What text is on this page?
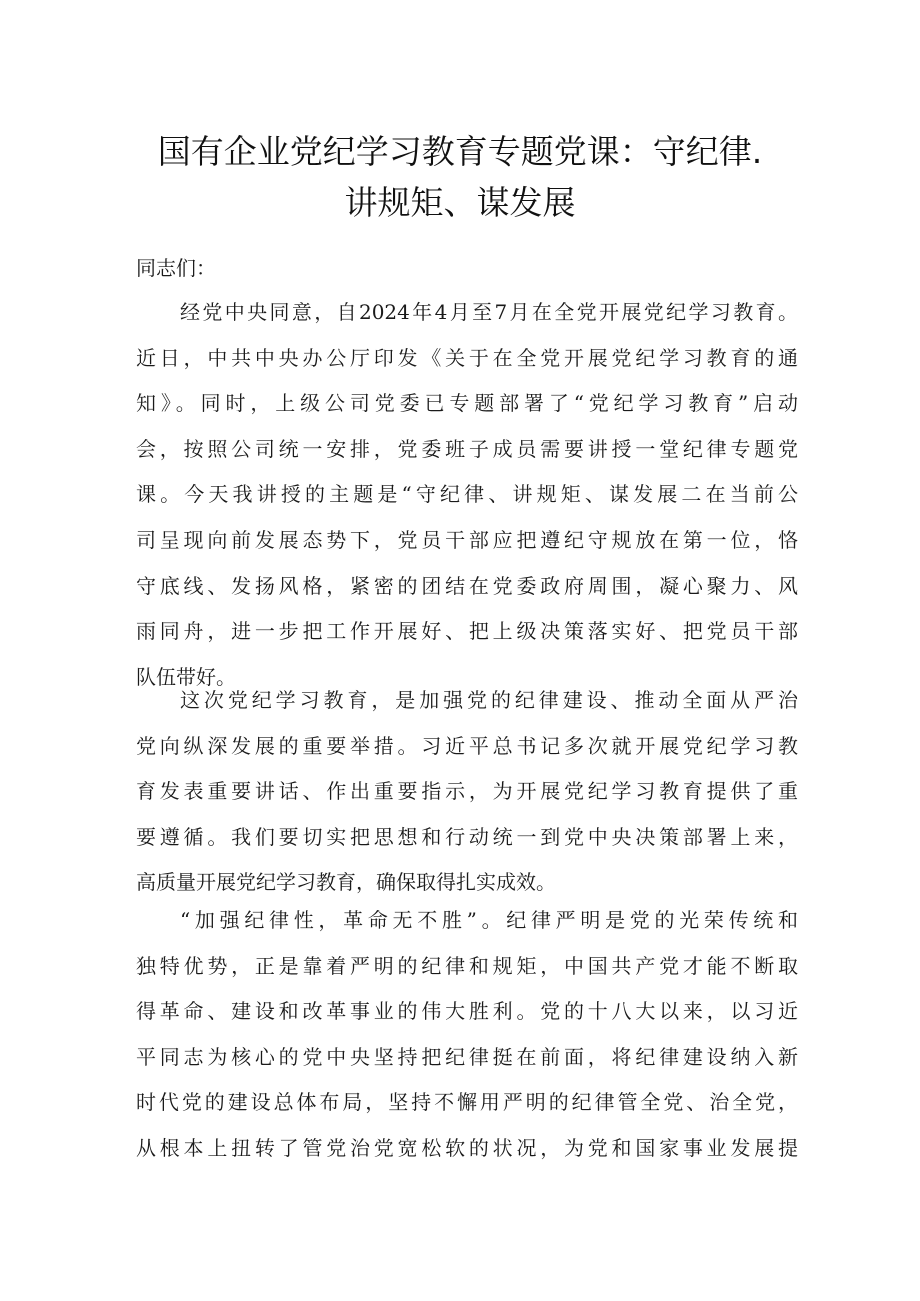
国有企业党纪学习教育专题党课：守纪律.
讲规矩、谋发展
同志们：
经党中央同意，自2024年4月至7月在全党开展党纪学习教育。
近日，中共中央办公厅印发《关于在全党开展党纪学习教育的通
知》。同时，上级公司党委已专题部署了“党纪学习教育”启动
会，按照公司统一安排，党委班子成员需要讲授一堂纪律专题党
课。今天我讲授的主题是“守纪律、讲规矩、谋发展二在当前公
司呈现向前发展态势下，党员干部应把遵纪守规放在第一位，恪
守底线、发扬风格，紧密的团结在党委政府周围，凝心聚力、风
雨同舟，进一步把工作开展好、把上级决策落实好、把党员干部
队伍带好。
这次党纪学习教育，是加强党的纪律建设、推动全面从严治
党向纵深发展的重要举措。习近平总书记多次就开展党纪学习教
育发表重要讲话、作出重要指示，为开展党纪学习教育提供了重
要遵循。我们要切实把思想和行动统一到党中央决策部署上来，
高质量开展党纪学习教育，确保取得扎实成效。
“加强纪律性，革命无不胜”。纪律严明是党的光荣传统和
独特优势，正是靠着严明的纪律和规矩，中国共产党才能不断取
得革命、建设和改革事业的伟大胜利。党的十八大以来，以习近
平同志为核心的党中央坚持把纪律挺在前面，将纪律建设纳入新
时代党的建设总体布局，坚持不懈用严明的纪律管全党、治全党，
从根本上扭转了管党治党宽松软的状况，为党和国家事业发展提
